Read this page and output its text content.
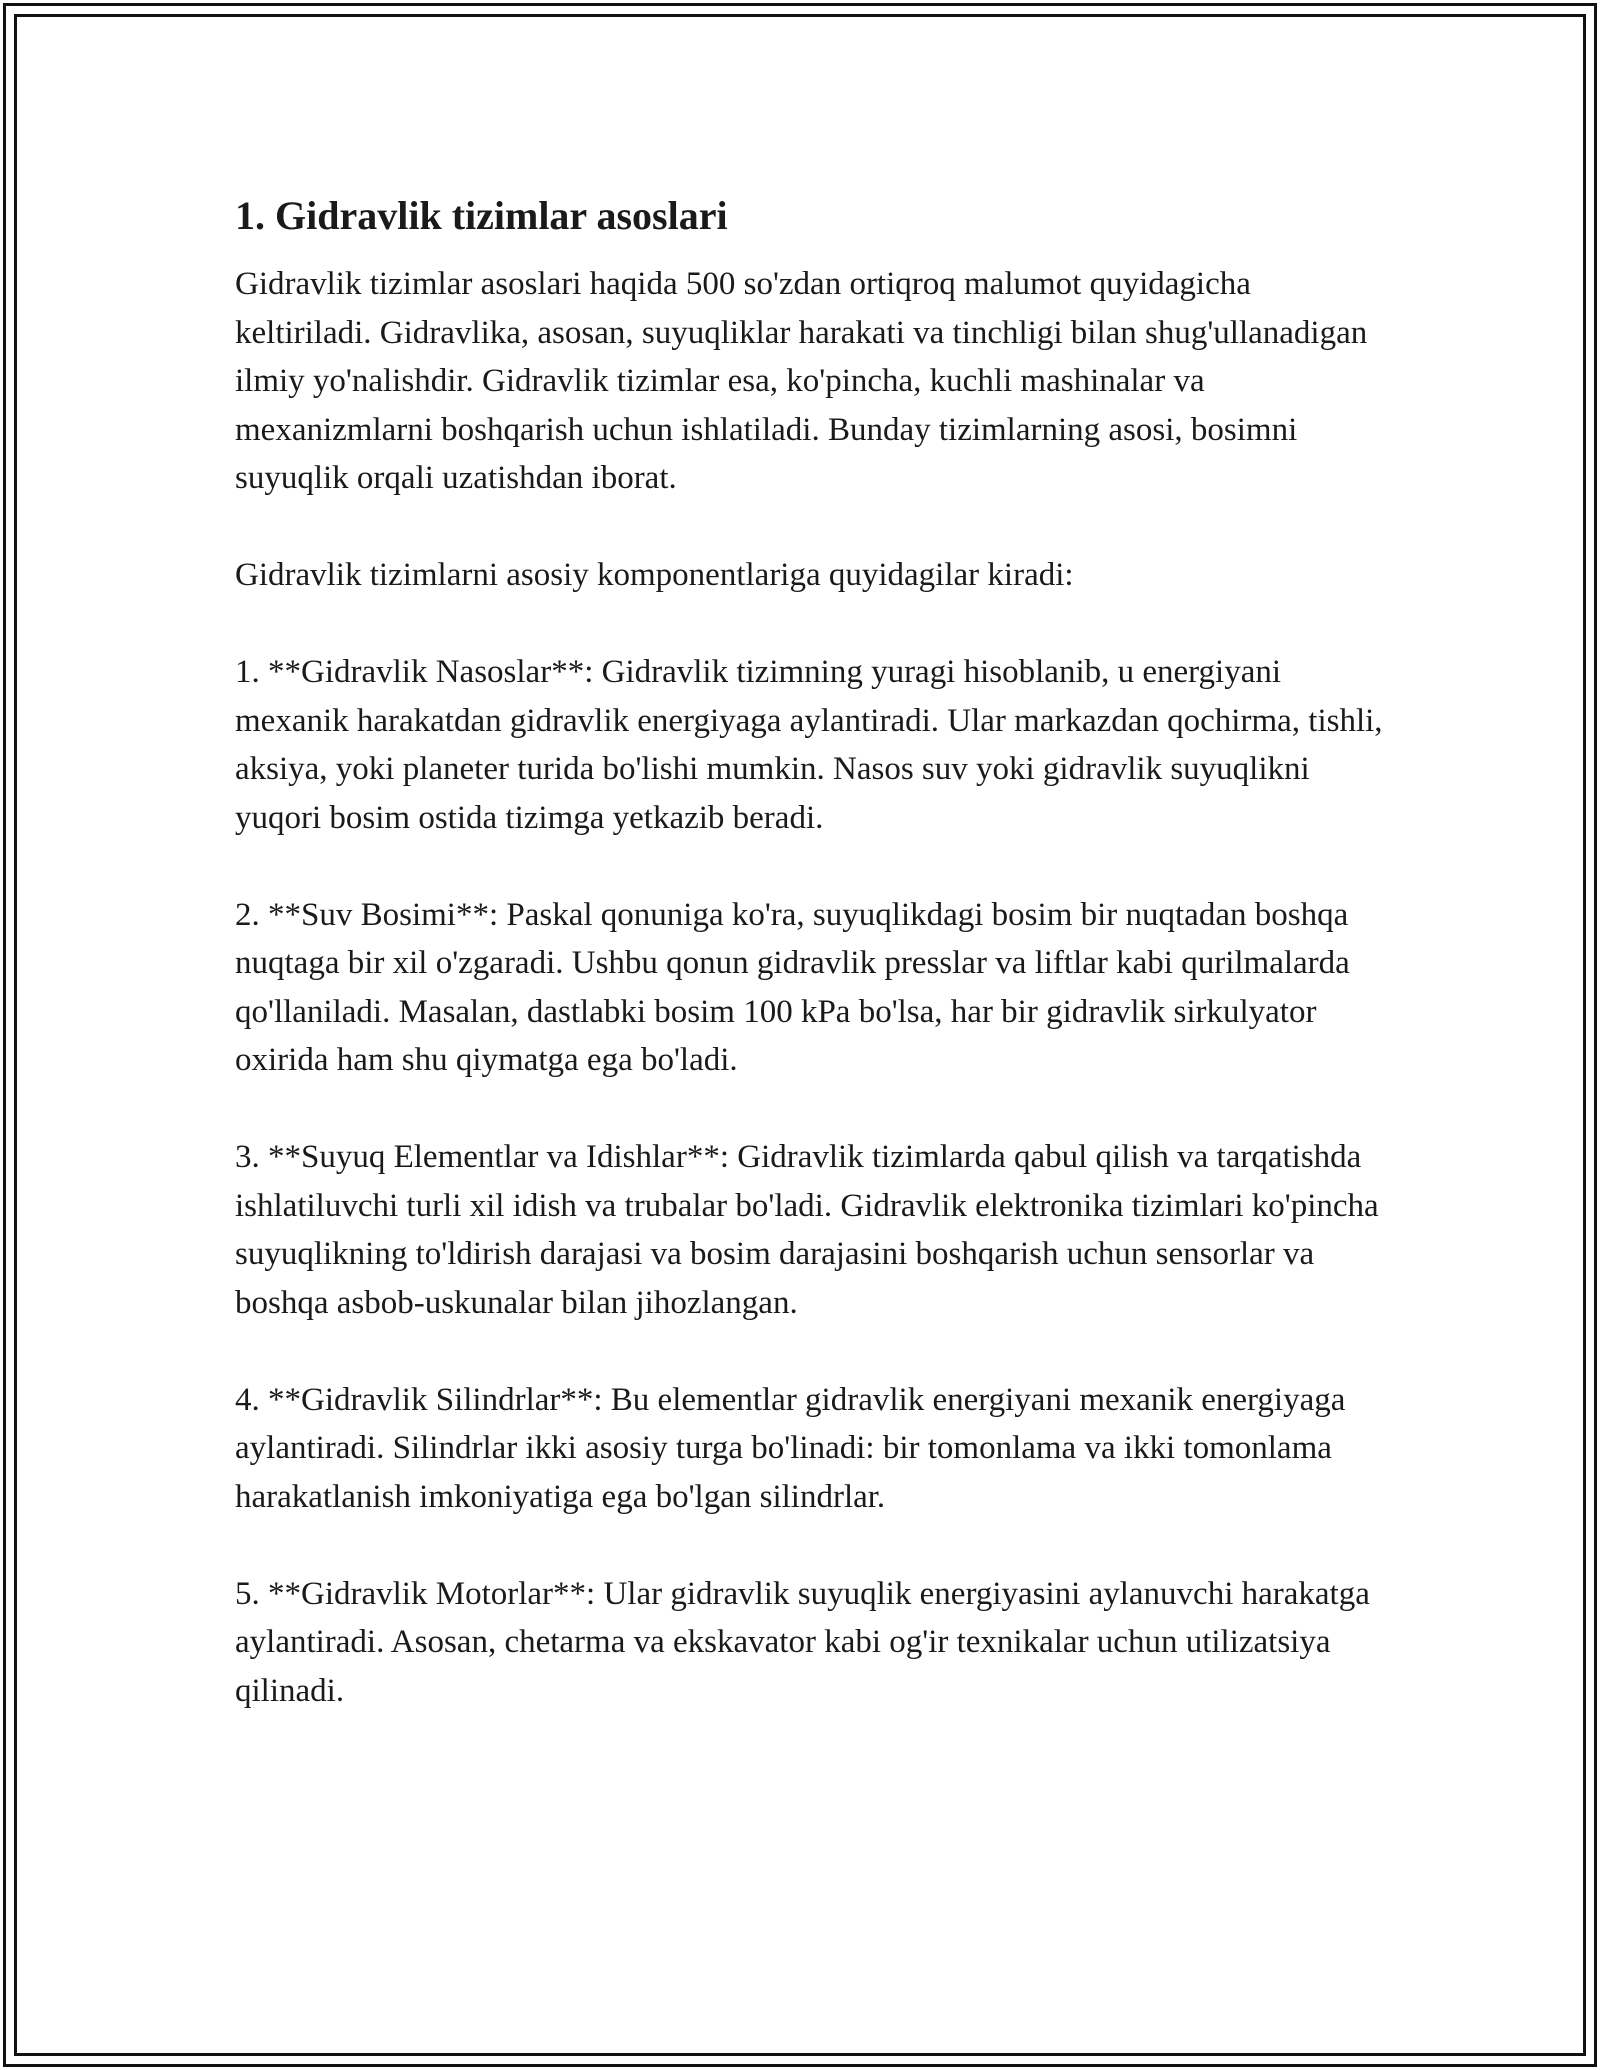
1. Gidravlik tizimlar asoslari

Gidravlik tizimlar asoslari haqida 500 so'zdan ortiqroq malumot quyidagicha keltiriladi. Gidravlika, asosan, suyuqliklar harakati va tinchligi bilan shug'ullanadigan ilmiy yo'nalishdir. Gidravlik tizimlar esa, ko'pincha, kuchli mashinalar va mexanizmlarni boshqarish uchun ishlatiladi. Bunday tizimlarning asosi, bosimni suyuqlik orqali uzatishdan iborat.

Gidravlik tizimlarni asosiy komponentlariga quyidagilar kiradi:

1. **Gidravlik Nasoslar**: Gidravlik tizimning yuragi hisoblanib, u energiyani mexanik harakatdan gidravlik energiyaga aylantiradi. Ular markazdan qochirma, tishli, aksiya, yoki planeter turida bo'lishi mumkin. Nasos suv yoki gidravlik suyuqlikni yuqori bosim ostida tizimga yetkazib beradi.

2. **Suv Bosimi**: Paskal qonuniga ko'ra, suyuqlikdagi bosim bir nuqtadan boshqa nuqtaga bir xil o'zgaradi. Ushbu qonun gidravlik presslar va liftlar kabi qurilmalarda qo'llaniladi. Masalan, dastlabki bosim 100 kPa bo'lsa, har bir gidravlik sirkulyator oxirida ham shu qiymatga ega bo'ladi.

3. **Suyuq Elementlar va Idishlar**: Gidravlik tizimlarda qabul qilish va tarqatishda ishlatiluvchi turli xil idish va trubalar bo'ladi. Gidravlik elektronika tizimlari ko'pincha suyuqlikning to'ldirish darajasi va bosim darajasini boshqarish uchun sensorlar va boshqa asbob-uskunalar bilan jihozlangan.

4. **Gidravlik Silindrlar**: Bu elementlar gidravlik energiyani mexanik energiyaga aylantiradi. Silindrlar ikki asosiy turga bo'linadi: bir tomonlama va ikki tomonlama harakatlanish imkoniyatiga ega bo'lgan silindrlar.

5. **Gidravlik Motorlar**: Ular gidravlik suyuqlik energiyasini aylanuvchi harakatga aylantiradi. Asosan, chetarma va ekskavator kabi og'ir texnikalar uchun utilizatsiya qilinadi.
